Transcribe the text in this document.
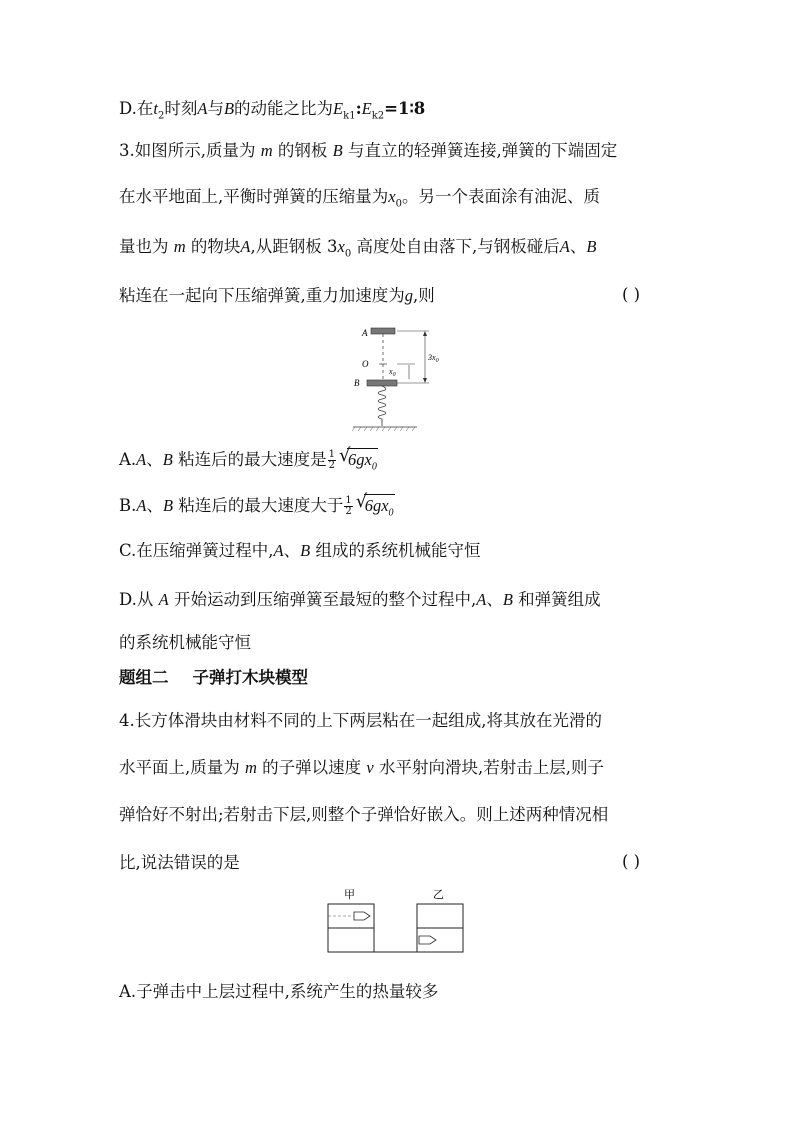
D.在$t_2$时刻A与B的动能之比为$E_{k1}:E_{k2}=1∶8$
3.如图所示,质量为 m 的钢板 B 与直立的轻弹簧连接,弹簧的下端固定
在水平地面上,平衡时弹簧的压缩量为$x_0$。另一个表面涂有油泥、质
量也为 m 的物块A,从距钢板 $3x_0$ 高度处自由落下,与钢板碰后A、B
粘连在一起向下压缩弹簧,重力加速度为g,则	( )
A
O
B
$x_0$
$3x_0$
A.A、B 粘连后的最大速度是 $\frac{1}{2}$ √
$6gx_0$
B.A、B 粘连后的最大速度大于 $\frac{1}{2}$ √
$6gx_0$
C.在压缩弹簧过程中,A、B 组成的系统机械能守恒
D.从 A 开始运动到压缩弹簧至最短的整个过程中,A、B 和弹簧组成
的系统机械能守恒
题组二 子弹打木块模型
4.长方体滑块由材料不同的上下两层粘在一起组成,将其放在光滑的
水平面上,质量为 m 的子弹以速度 v 水平射向滑块,若射击上层,则子
弹恰好不射出;若射击下层,则整个子弹恰好嵌入。则上述两种情况相
比,说法错误的是	( )
甲	乙
A.子弹击中上层过程中,系统产生的热量较多
